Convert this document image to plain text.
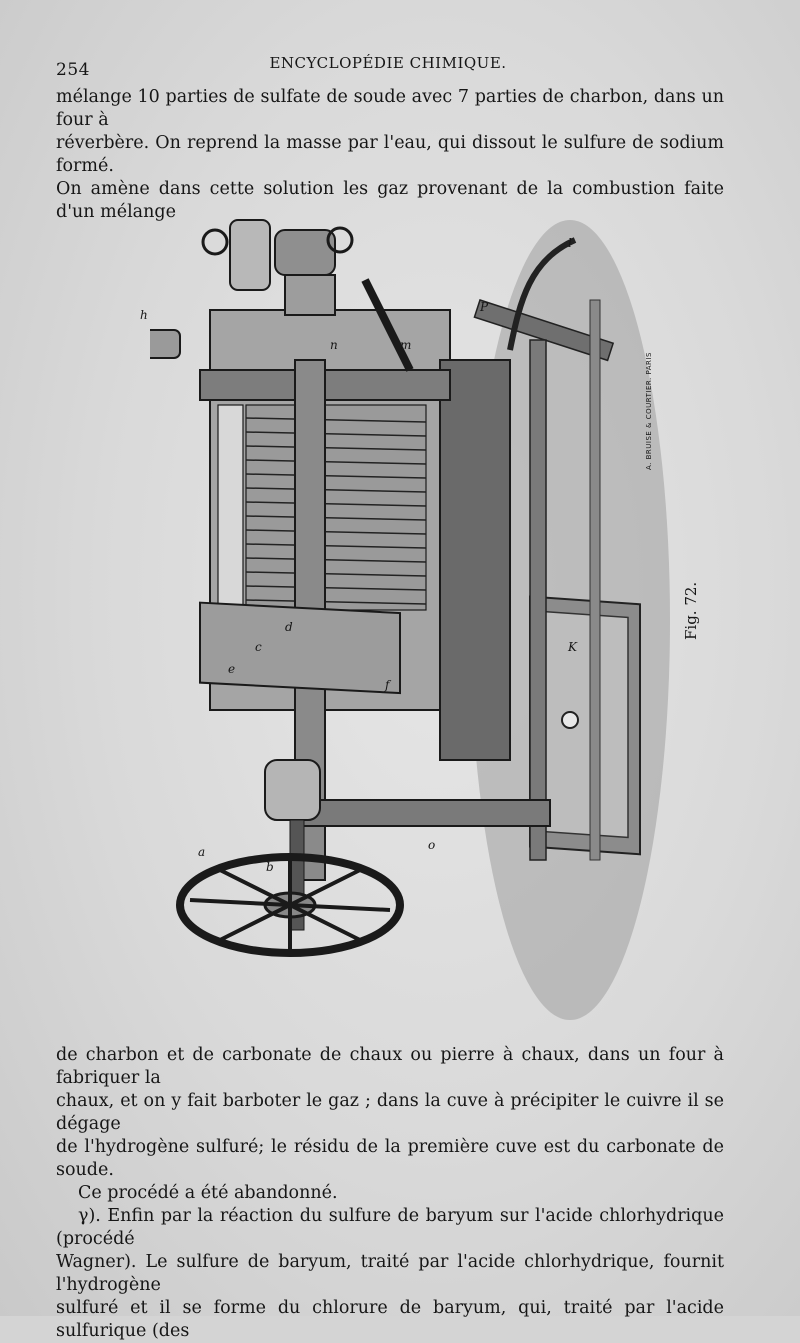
254	ENCYCLOPÉDIE CHIMIQUE.

mélange 10 parties de sulfate de soude avec 7 parties de charbon, dans un four à

réverbère. On reprend la masse par l'eau, qui dissout le sulfure de sodium formé.

On amène dans cette solution les gaz provenant de la combustion faite d'un mélange

h
n	m
P
l
c
d
e
f
K
a
b
o
A. BRUISE & COURTIER. PARIS
Fig. 72.

de charbon et de carbonate de chaux ou pierre à chaux, dans un four à fabriquer la

chaux, et on y fait barboter le gaz ; dans la cuve à précipiter le cuivre il se dégage

de l'hydrogène sulfuré; le résidu de la première cuve est du carbonate de soude.

Ce procédé a été abandonné.

γ). Enfin par la réaction du sulfure de baryum sur l'acide chlorhydrique (procédé

Wagner). Le sulfure de baryum, traité par l'acide chlorhydrique, fournit l'hydrogène

sulfuré et il se forme du chlorure de baryum, qui, traité par l'acide sulfurique (des
